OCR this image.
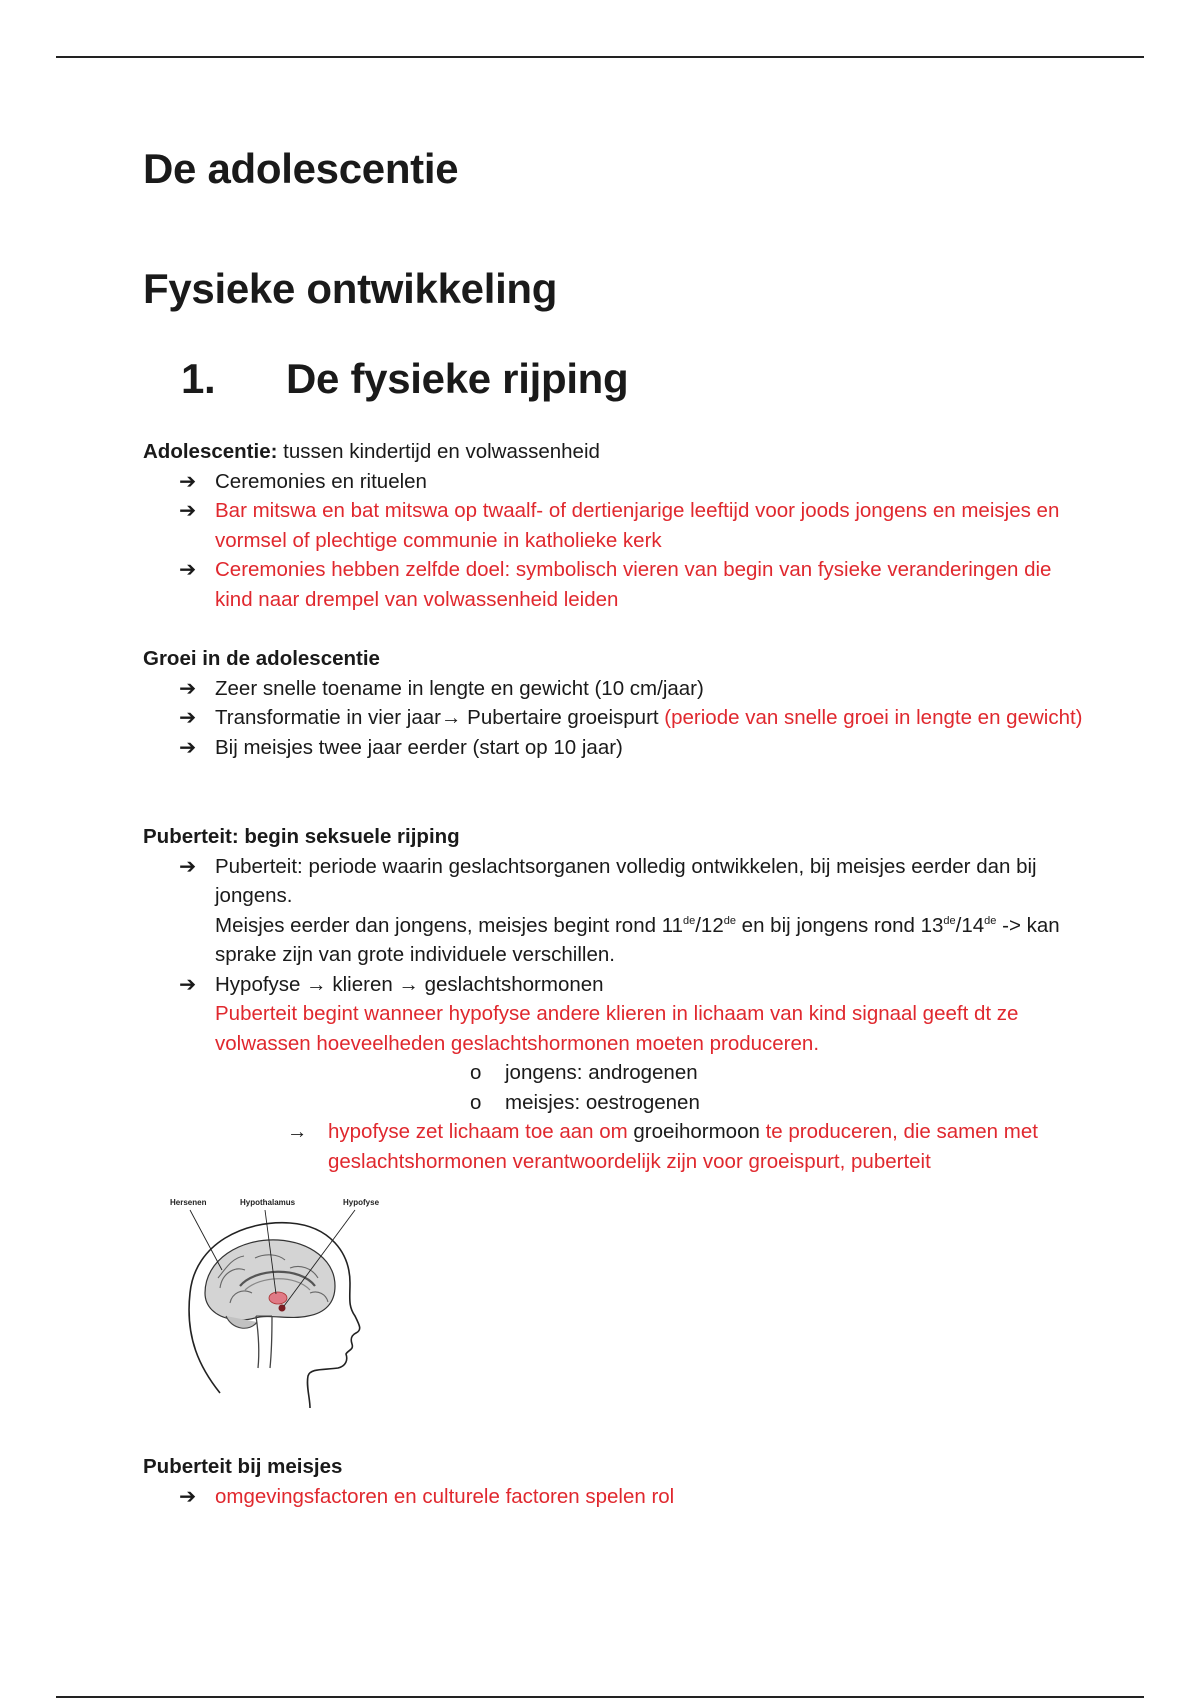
De adolescentie
Fysieke ontwikkeling
1. De fysieke rijping
Adolescentie: tussen kindertijd en volwassenheid
➔ Ceremonies en rituelen
➔ Bar mitswa en bat mitswa op twaalf- of dertienjarige leeftijd voor joods jongens en meisjes en vormsel of plechtige communie in katholieke kerk
➔ Ceremonies hebben zelfde doel: symbolisch vieren van begin van fysieke veranderingen die kind naar drempel van volwassenheid leiden
Groei in de adolescentie
➔ Zeer snelle toename in lengte en gewicht (10 cm/jaar)
➔ Transformatie in vier jaar→ Pubertaire groeispurt (periode van snelle groei in lengte en gewicht)
➔ Bij meisjes twee jaar eerder (start op 10 jaar)
Puberteit: begin seksuele rijping
➔ Puberteit: periode waarin geslachtsorganen volledig ontwikkelen, bij meisjes eerder dan bij jongens.
Meisjes eerder dan jongens, meisjes begint rond 11de/12de en bij jongens rond 13de/14de -> kan sprake zijn van grote individuele verschillen.
➔ Hypofyse → klieren → geslachtshormonen
Puberteit begint wanneer hypofyse andere klieren in lichaam van kind signaal geeft dt ze volwassen hoeveelheden geslachtshormonen moeten produceren.
o jongens: androgenen
o meisjes: oestrogenen
→ hypofyse zet lichaam toe aan om groeihormoon te produceren, die samen met geslachtshormonen verantwoordelijk zijn voor groeispurt, puberteit
Puberteit bij meisjes
➔ omgevingsfactoren en culturele factoren spelen rol
Hersenen	Hypothalamus	Hypofyse
